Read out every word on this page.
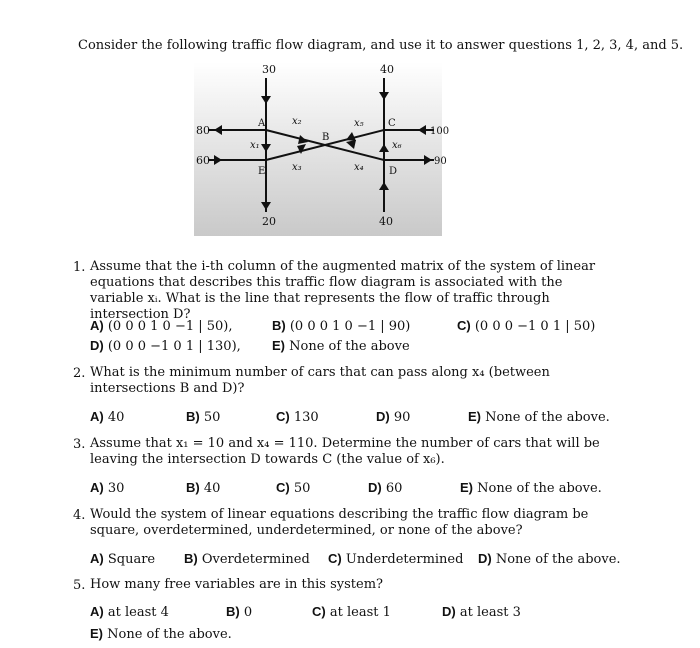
Consider the following traffic flow diagram, and use it to answer questions 1, 2, 3, 4, and 5.
30	40
80
60
100
90
20	40
A
B
C
D
E
x₁
x₂
x₃	x₄
x₅
x₆
1. Assume that the i-th column of the augmented matrix of the system of linear equations that describes this traffic flow diagram is associated with the variable xᵢ. What is the line that represents the flow of traffic through intersection D?
A) (0 0 0 1 0 −1 | 50),	B) (0 0 0 1 0 −1 | 90)	C) (0 0 0 −1 0 1 | 50)
D) (0 0 0 −1 0 1 | 130), E) None of the above
2. What is the minimum number of cars that can pass along x₄ (between intersections B and D)?
A) 40	B) 50	C) 130	D) 90	E) None of the above.
3. Assume that x₁ = 10 and x₄ = 110. Determine the number of cars that will be leaving the intersection D towards C (the value of x₆).
A) 30	B) 40	C) 50	D) 60	E) None of the above.
4. Would the system of linear equations describing the traffic flow diagram be square, overdetermined, underdetermined, or none of the above?
A) Square B) Overdetermined C) Underdetermined D) None of the above.
5. How many free variables are in this system?
A) at least 4	B) 0	C) at least 1	D) at least 3
E) None of the above.
